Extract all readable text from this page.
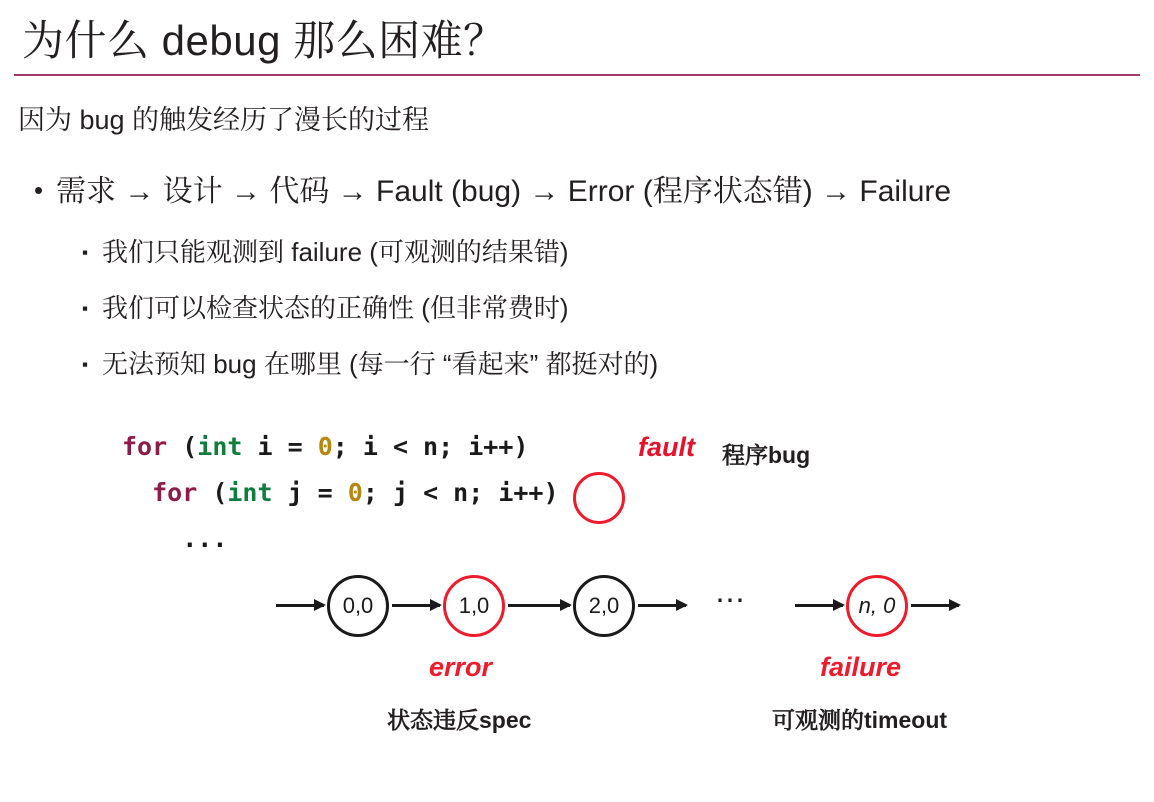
为什么 debug 那么困难？
因为 bug 的触发经历了漫长的过程
• 需求 → 设计 → 代码 → Fault (bug) → Error (程序状态错) → Failure
▪ 我们只能观测到 failure (可观测的结果错)
▪ 我们可以检查状态的正确性 (但非常费时)
▪ 无法预知 bug 在哪里 (每一行 “看起来” 都挺对的)
for (int i = 0; i < n; i++)
for (int j = 0; j < n; i++)
...
fault 程序bug
0,0	1,0	2,0	⋯	n, 0
error	failure
状态违反spec	可观测的timeout
